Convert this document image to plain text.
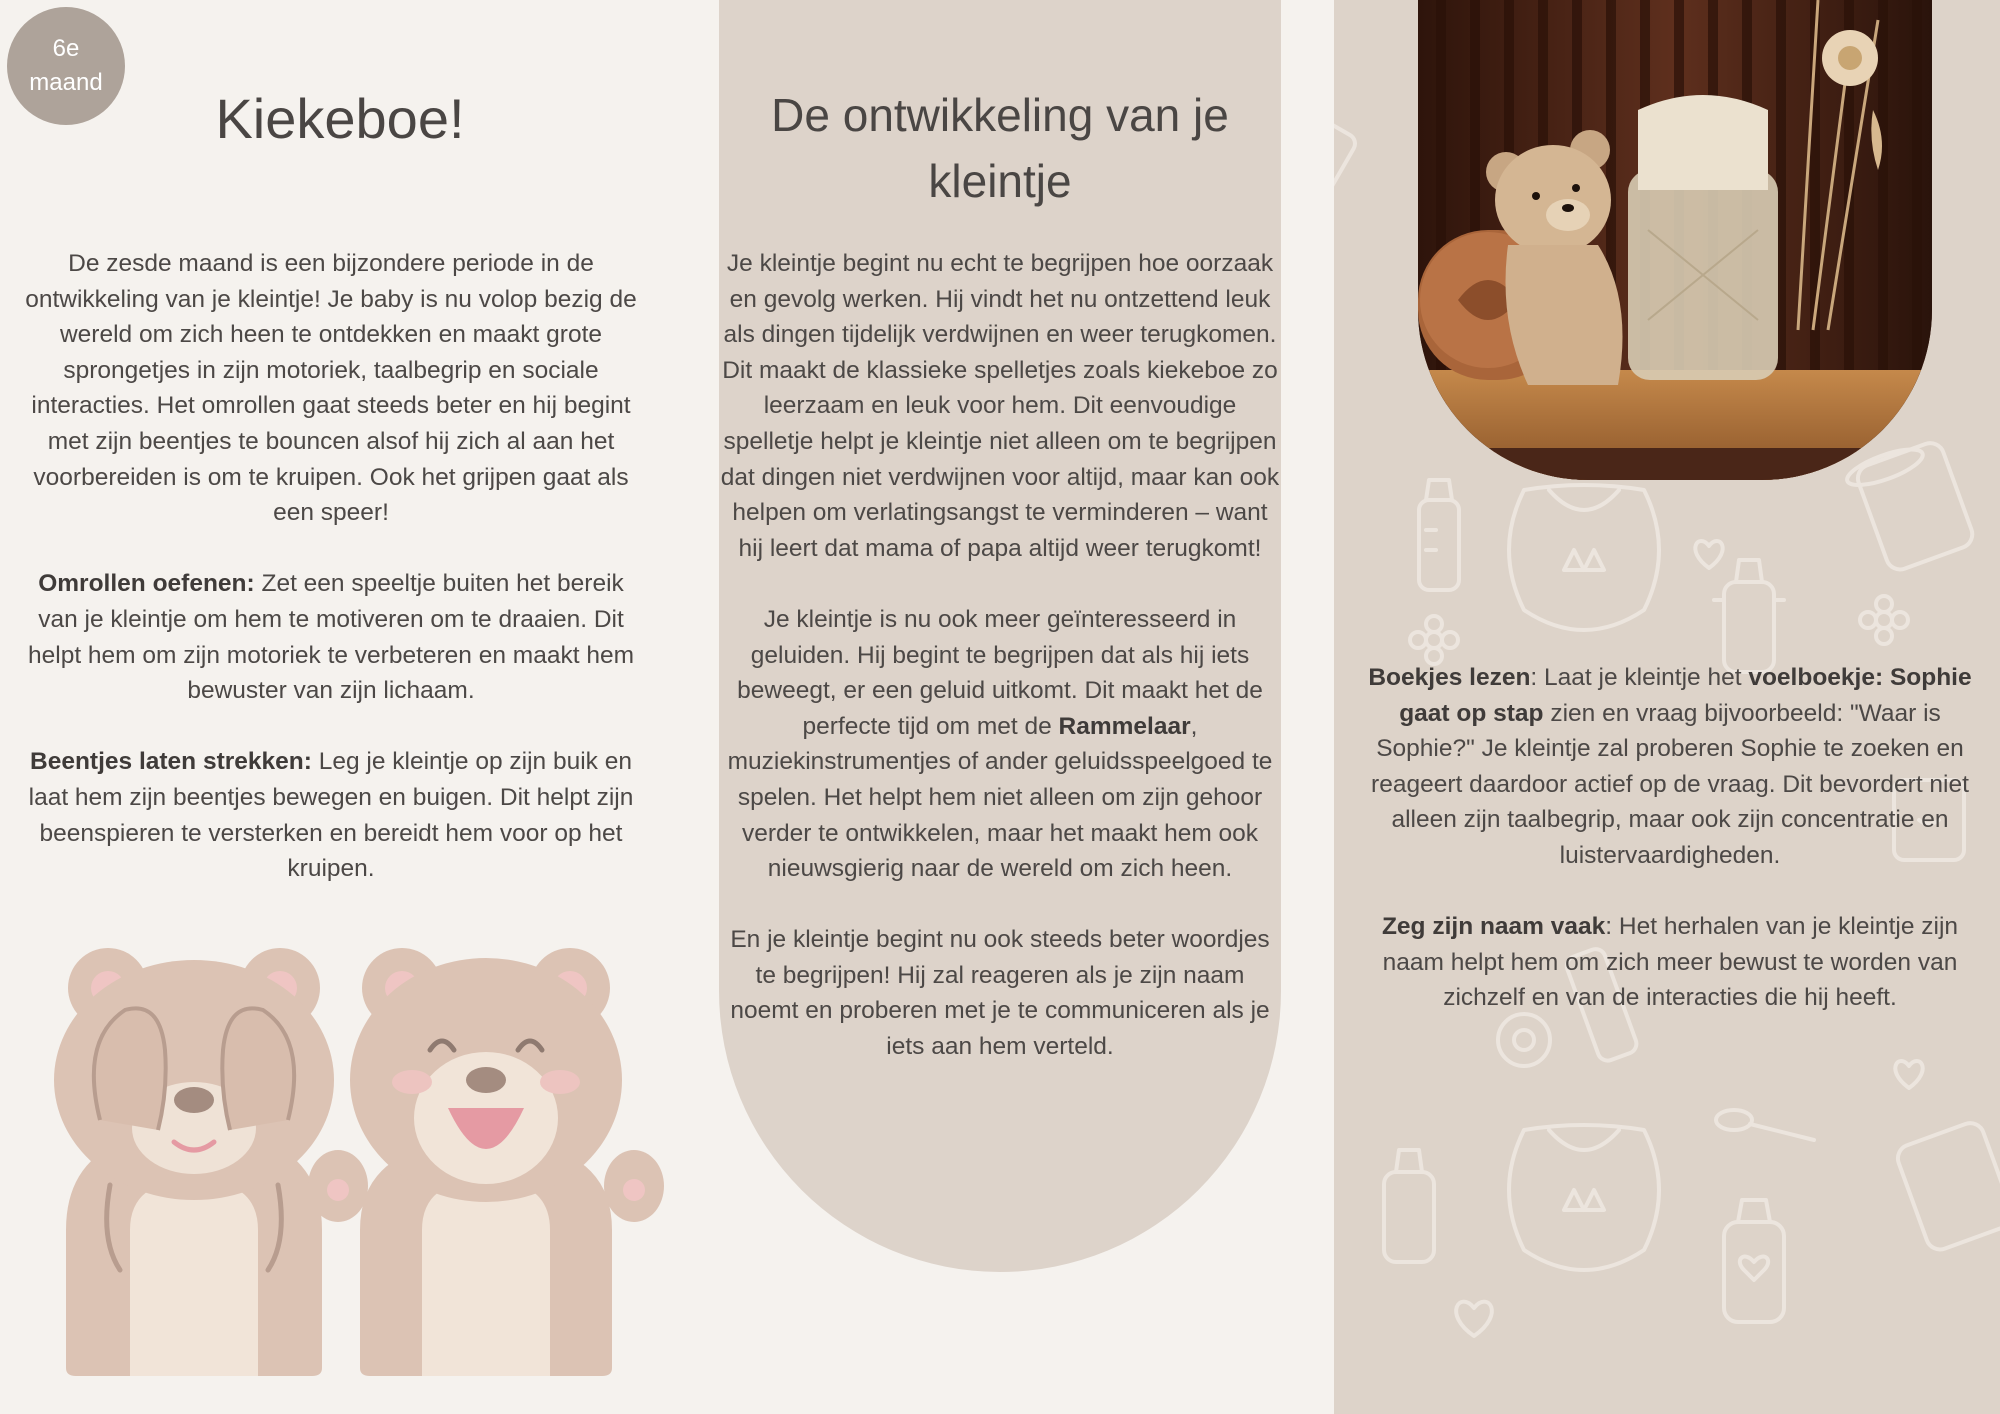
6e
maand
Kiekeboe!

De zesde maand is een bijzondere periode in de ontwikkeling van je kleintje! Je baby is nu volop bezig de wereld om zich heen te ontdekken en maakt grote sprongetjes in zijn motoriek, taalbegrip en sociale interacties. Het omrollen gaat steeds beter en hij begint met zijn beentjes te bouncen alsof hij zich al aan het voorbereiden is om te kruipen. Ook het grijpen gaat als een speer!

Omrollen oefenen: Zet een speeltje buiten het bereik van je kleintje om hem te motiveren om te draaien. Dit helpt hem om zijn motoriek te verbeteren en maakt hem bewuster van zijn lichaam.

Beentjes laten strekken: Leg je kleintje op zijn buik en laat hem zijn beentjes bewegen en buigen. Dit helpt zijn beenspieren te versterken en bereidt hem voor op het kruipen.

De ontwikkeling van je kleintje

Je kleintje begint nu echt te begrijpen hoe oorzaak en gevolg werken. Hij vindt het nu ontzettend leuk als dingen tijdelijk verdwijnen en weer terugkomen. Dit maakt de klassieke spelletjes zoals kiekeboe zo leerzaam en leuk voor hem. Dit eenvoudige spelletje helpt je kleintje niet alleen om te begrijpen dat dingen niet verdwijnen voor altijd, maar kan ook helpen om verlatingsangst te verminderen – want hij leert dat mama of papa altijd weer terugkomt!

Je kleintje is nu ook meer geïnteresseerd in geluiden. Hij begint te begrijpen dat als hij iets beweegt, er een geluid uitkomt. Dit maakt het de perfecte tijd om met de Rammelaar, muziekinstrumentjes of ander geluidsspeelgoed te spelen. Het helpt hem niet alleen om zijn gehoor verder te ontwikkelen, maar het maakt hem ook nieuwsgierig naar de wereld om zich heen.

En je kleintje begint nu ook steeds beter woordjes te begrijpen! Hij zal reageren als je zijn naam noemt en proberen met je te communiceren als je iets aan hem verteld.

Boekjes lezen: Laat je kleintje het voelboekje: Sophie gaat op stap zien en vraag bijvoorbeeld: "Waar is Sophie?" Je kleintje zal proberen Sophie te zoeken en reageert daardoor actief op de vraag. Dit bevordert niet alleen zijn taalbegrip, maar ook zijn concentratie en luistervaardigheden.

Zeg zijn naam vaak: Het herhalen van je kleintje zijn naam helpt hem om zich meer bewust te worden van zichzelf en van de interacties die hij heeft.
